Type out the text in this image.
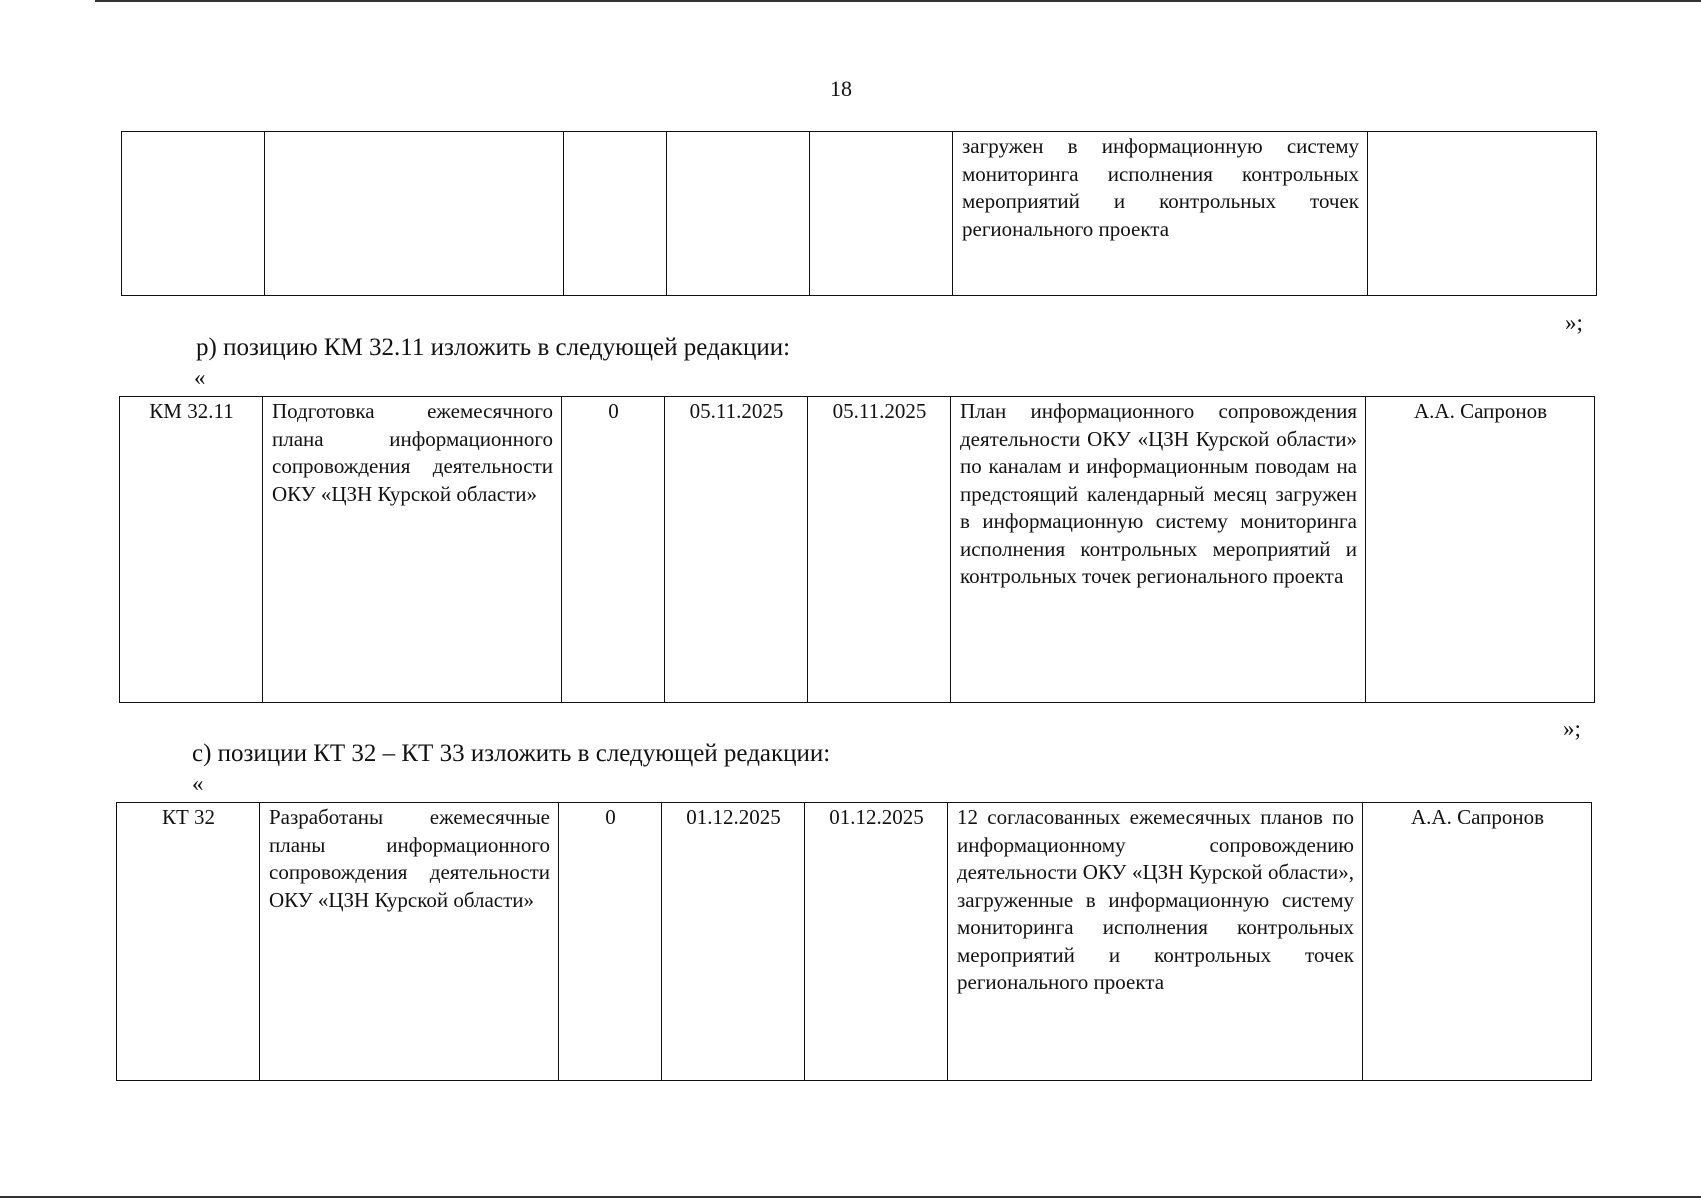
18
					загружен в информационную систему мониторинга исполнения контрольных мероприятий и контрольных точек регионального проекта	
»;
р) позицию КМ 32.11 изложить в следующей редакции:
«
КМ 32.11	Подготовка ежемесячного плана информационного сопровождения деятельности ОКУ «ЦЗН Курской области»	0	05.11.2025	05.11.2025	План информационного сопровождения деятельности ОКУ «ЦЗН Курской области» по каналам и информационным поводам на предстоящий календарный месяц загружен в информационную систему мониторинга исполнения контрольных мероприятий и контрольных точек регионального проекта	А.А. Сапронов
»;
с) позиции КТ 32 – КТ 33 изложить в следующей редакции:
«
КТ 32	Разработаны ежемесячные планы информационного сопровождения деятельности ОКУ «ЦЗН Курской области»	0	01.12.2025	01.12.2025	12 согласованных ежемесячных планов по информационному сопровождению деятельности ОКУ «ЦЗН Курской области», загруженные в информационную систему мониторинга исполнения контрольных мероприятий и контрольных точек регионального проекта	А.А. Сапронов
